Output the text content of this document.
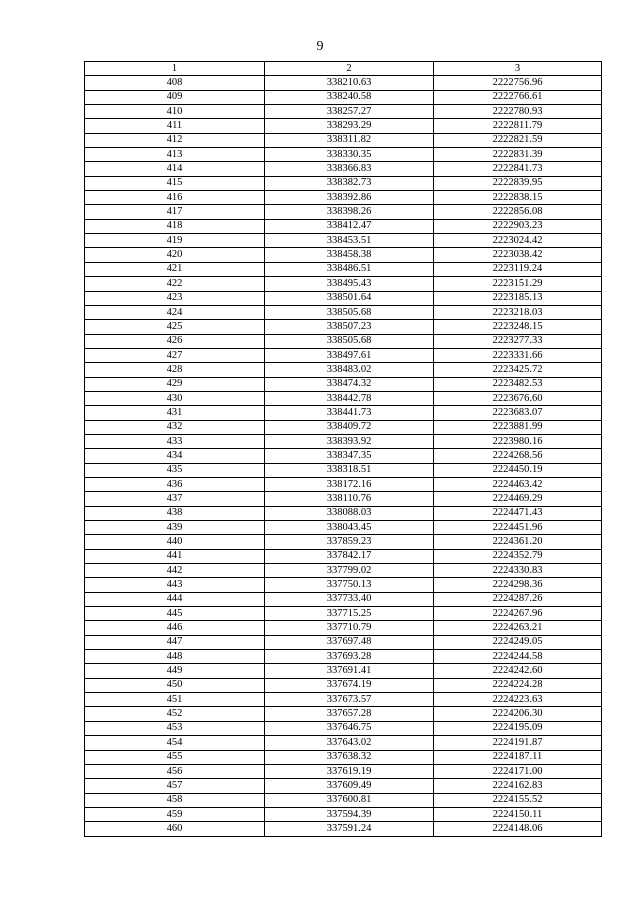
9
1	2	3
408	338210.63	2222756.96
409	338240.58	2222766.61
410	338257.27	2222780.93
411	338293.29	2222811.79
412	338311.82	2222821.59
413	338330.35	2222831.39
414	338366.83	2222841.73
415	338382.73	2222839.95
416	338392.86	2222838.15
417	338398.26	2222856.08
418	338412.47	2222903.23
419	338453.51	2223024.42
420	338458.38	2223038.42
421	338486.51	2223119.24
422	338495.43	2223151.29
423	338501.64	2223185.13
424	338505.68	2223218.03
425	338507.23	2223248.15
426	338505.68	2223277.33
427	338497.61	2223331.66
428	338483.02	2223425.72
429	338474.32	2223482.53
430	338442.78	2223676.60
431	338441.73	2223683.07
432	338409.72	2223881.99
433	338393.92	2223980.16
434	338347.35	2224268.56
435	338318.51	2224450.19
436	338172.16	2224463.42
437	338110.76	2224469.29
438	338088.03	2224471.43
439	338043.45	2224451.96
440	337859.23	2224361.20
441	337842.17	2224352.79
442	337799.02	2224330.83
443	337750.13	2224298.36
444	337733.40	2224287.26
445	337715.25	2224267.96
446	337710.79	2224263.21
447	337697.48	2224249.05
448	337693.28	2224244.58
449	337691.41	2224242.60
450	337674.19	2224224.28
451	337673.57	2224223.63
452	337657.28	2224206.30
453	337646.75	2224195.09
454	337643.02	2224191.87
455	337638.32	2224187.11
456	337619.19	2224171.00
457	337609.49	2224162.83
458	337600.81	2224155.52
459	337594.39	2224150.11
460	337591.24	2224148.06
